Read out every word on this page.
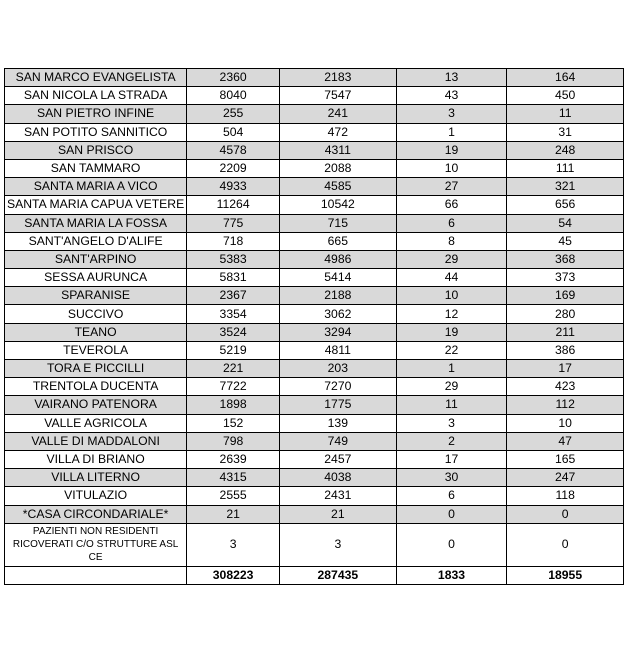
SAN MARCO EVANGELISTA	2360	2183	13	164
SAN NICOLA LA STRADA	8040	7547	43	450
SAN PIETRO INFINE	255	241	3	11
SAN POTITO SANNITICO	504	472	1	31
SAN PRISCO	4578	4311	19	248
SAN TAMMARO	2209	2088	10	111
SANTA MARIA A VICO	4933	4585	27	321
SANTA MARIA CAPUA VETERE	11264	10542	66	656
SANTA MARIA LA FOSSA	775	715	6	54
SANT'ANGELO D'ALIFE	718	665	8	45
SANT'ARPINO	5383	4986	29	368
SESSA AURUNCA	5831	5414	44	373
SPARANISE	2367	2188	10	169
SUCCIVO	3354	3062	12	280
TEANO	3524	3294	19	211
TEVEROLA	5219	4811	22	386
TORA E PICCILLI	221	203	1	17
TRENTOLA DUCENTA	7722	7270	29	423
VAIRANO PATENORA	1898	1775	11	112
VALLE AGRICOLA	152	139	3	10
VALLE DI MADDALONI	798	749	2	47
VILLA DI BRIANO	2639	2457	17	165
VILLA LITERNO	4315	4038	30	247
VITULAZIO	2555	2431	6	118
*CASA CIRCONDARIALE*	21	21	0	0
PAZIENTI NON RESIDENTI RICOVERATI C/O STRUTTURE ASL CE	3	3	0	0
	308223	287435	1833	18955
